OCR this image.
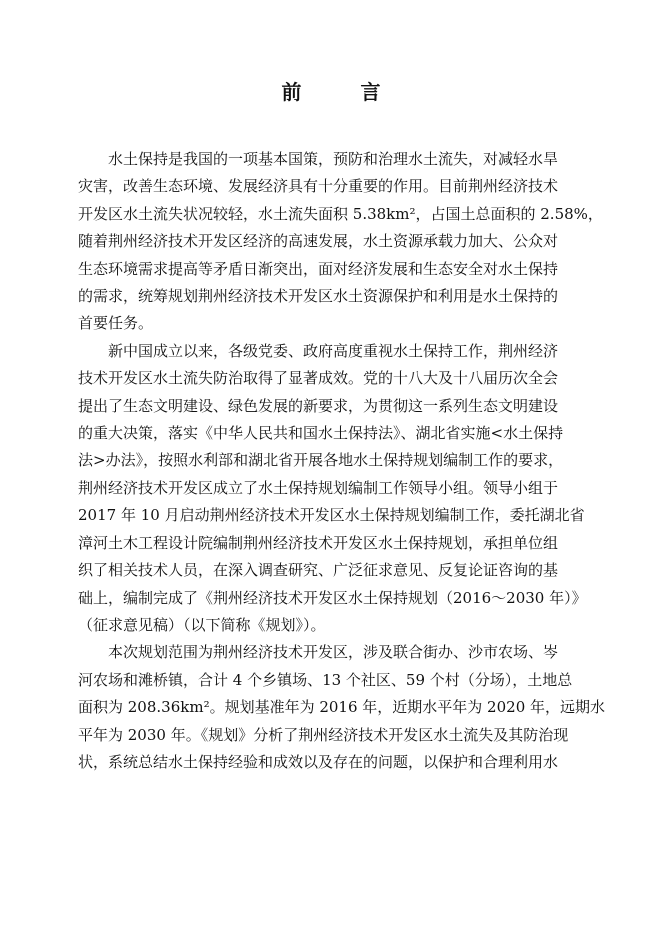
前 言

水土保持是我国的一项基本国策，预防和治理水土流失，对减轻水旱
灾害，改善生态环境、发展经济具有十分重要的作用。目前荆州经济技术
开发区水土流失状况较轻，水土流失面积 5.38km²，占国土总面积的 2.58%，
随着荆州经济技术开发区经济的高速发展，水土资源承载力加大、公众对
生态环境需求提高等矛盾日渐突出，面对经济发展和生态安全对水土保持
的需求，统筹规划荆州经济技术开发区水土资源保护和利用是水土保持的
首要任务。

新中国成立以来，各级党委、政府高度重视水土保持工作，荆州经济
技术开发区水土流失防治取得了显著成效。党的十八大及十八届历次全会
提出了生态文明建设、绿色发展的新要求，为贯彻这一系列生态文明建设
的重大决策，落实《中华人民共和国水土保持法》、湖北省实施<水土保持
法>办法》，按照水利部和湖北省开展各地水土保持规划编制工作的要求，
荆州经济技术开发区成立了水土保持规划编制工作领导小组。领导小组于
2017 年 10 月启动荆州经济技术开发区水土保持规划编制工作，委托湖北省
漳河土木工程设计院编制荆州经济技术开发区水土保持规划，承担单位组
织了相关技术人员，在深入调查研究、广泛征求意见、反复论证咨询的基
础上，编制完成了《荆州经济技术开发区水土保持规划（2016～2030 年）》
（征求意见稿）（以下简称《规划》）。

本次规划范围为荆州经济技术开发区，涉及联合街办、沙市农场、岑
河农场和滩桥镇，合计 4 个乡镇场、13 个社区、59 个村（分场），土地总
面积为 208.36km²。规划基准年为 2016 年，近期水平年为 2020 年，远期水
平年为 2030 年。《规划》分析了荆州经济技术开发区水土流失及其防治现
状，系统总结水土保持经验和成效以及存在的问题，以保护和合理利用水
